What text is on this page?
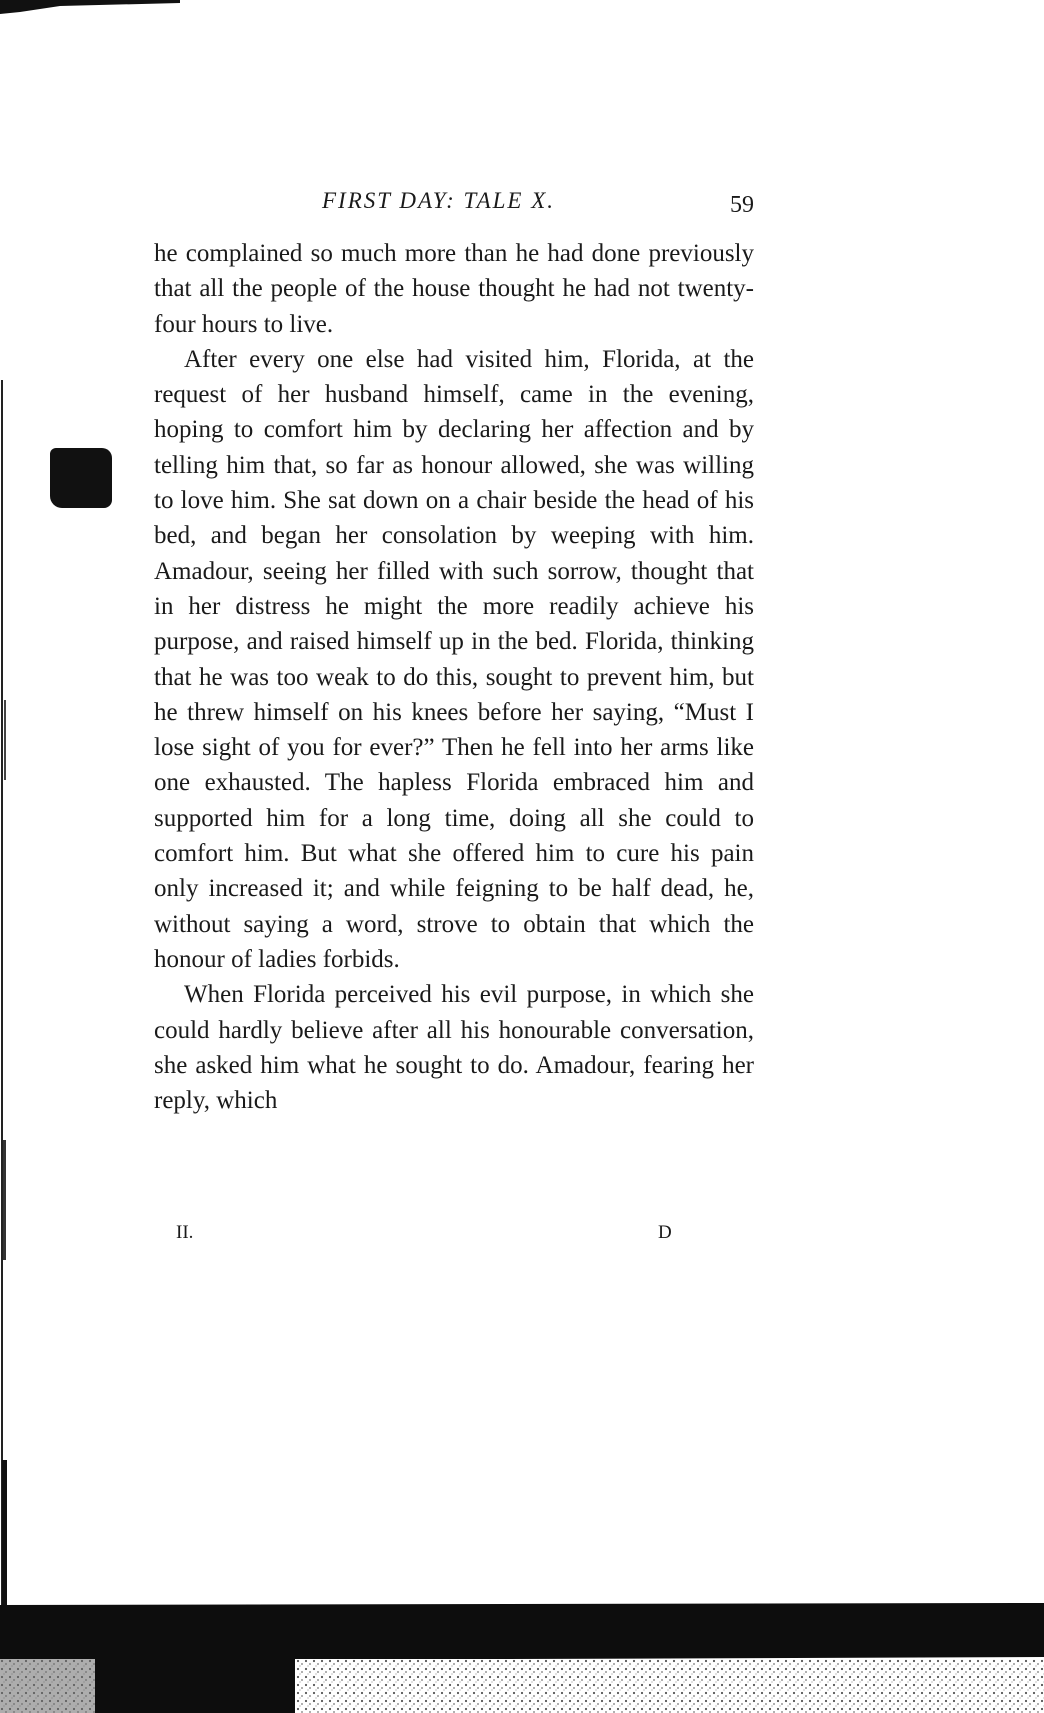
FIRST DAY: TALE X.	59

he complained so much more than he had done previously that all the people of the house thought he had not twenty-four hours to live.

After every one else had visited him, Florida, at the request of her husband himself, came in the evening, hoping to comfort him by declaring her affection and by telling him that, so far as honour allowed, she was willing to love him. She sat down on a chair beside the head of his bed, and began her consolation by weeping with him. Amadour, seeing her filled with such sorrow, thought that in her distress he might the more readily achieve his purpose, and raised himself up in the bed. Florida, thinking that he was too weak to do this, sought to prevent him, but he threw himself on his knees before her saying, “Must I lose sight of you for ever?” Then he fell into her arms like one exhausted. The hapless Florida embraced him and supported him for a long time, doing all she could to comfort him. But what she offered him to cure his pain only increased it; and while feigning to be half dead, he, without saying a word, strove to obtain that which the honour of ladies forbids.

When Florida perceived his evil purpose, in which she could hardly believe after all his honourable conversation, she asked him what he sought to do. Amadour, fearing her reply, which

II.	D
